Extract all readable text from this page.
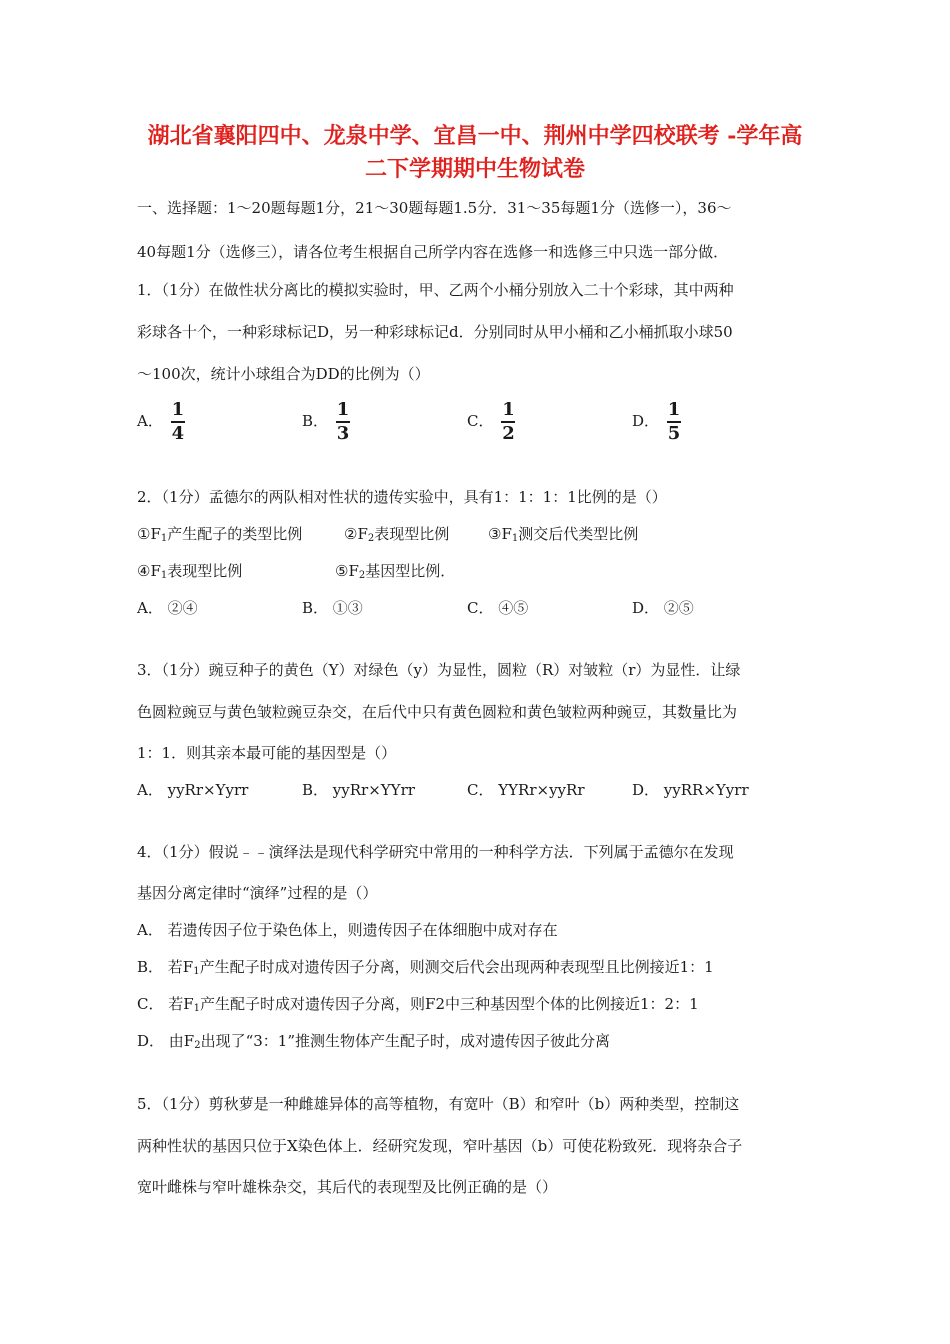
湖北省襄阳四中、龙泉中学、宜昌一中、荆州中学四校联考 -学年高
二下学期期中生物试卷
一、选择题：1～20题每题1分，21～30题每题1.5分．31～35每题1分（选修一），36～
40每题1分（选修三），请各位考生根据自己所学内容在选修一和选修三中只选一部分做．
1．（1分）在做性状分离比的模拟实验时，甲、乙两个小桶分别放入二十个彩球，其中两种
彩球各十个，一种彩球标记D，另一种彩球标记d．分别同时从甲小桶和乙小桶抓取小球50
～100次，统计小球组合为DD的比例为（）
A． $\frac{1}{4}$	B． $\frac{1}{3}$	C． $\frac{1}{2}$	D． $\frac{1}{5}$
2．（1分）孟德尔的两队相对性状的遗传实验中，具有1：1：1：1比例的是（）
$①F_1$产生配子的类型比例	$②F_2$表现型比例	$③F_1$测交后代类型比例
$④F_1$表现型比例	$⑤F_2$基因型比例．
A． ②④	B． ①③	C． ④⑤	D． ②⑤
3．（1分）豌豆种子的黄色（Y）对绿色（y）为显性，圆粒（R）对皱粒（r）为显性．让绿
色圆粒豌豆与黄色皱粒豌豆杂交，在后代中只有黄色圆粒和黄色皱粒两种豌豆，其数量比为
1：1．则其亲本最可能的基因型是（）
A． yyRr×Yyrr	B． yyRr×YYrr	C． YYRr×yyRr	D． yyRR×Yyrr
4．（1分）假说﹣﹣演绎法是现代科学研究中常用的一种科学方法．下列属于孟德尔在发现
基因分离定律时“演绎”过程的是（）
A． 若遗传因子位于染色体上，则遗传因子在体细胞中成对存在
B． 若$F_1$产生配子时成对遗传因子分离，则测交后代会出现两种表现型且比例接近1：1
C． 若$F_1$产生配子时成对遗传因子分离，则F2中三种基因型个体的比例接近1：2：1
D． 由$F_2$出现了“3：1”推测生物体产生配子时，成对遗传因子彼此分离
5．（1分）剪秋萝是一种雌雄异体的高等植物，有宽叶（B）和窄叶（b）两种类型，控制这
两种性状的基因只位于X染色体上．经研究发现，窄叶基因（b）可使花粉致死．现将杂合子
宽叶雌株与窄叶雄株杂交，其后代的表现型及比例正确的是（）
